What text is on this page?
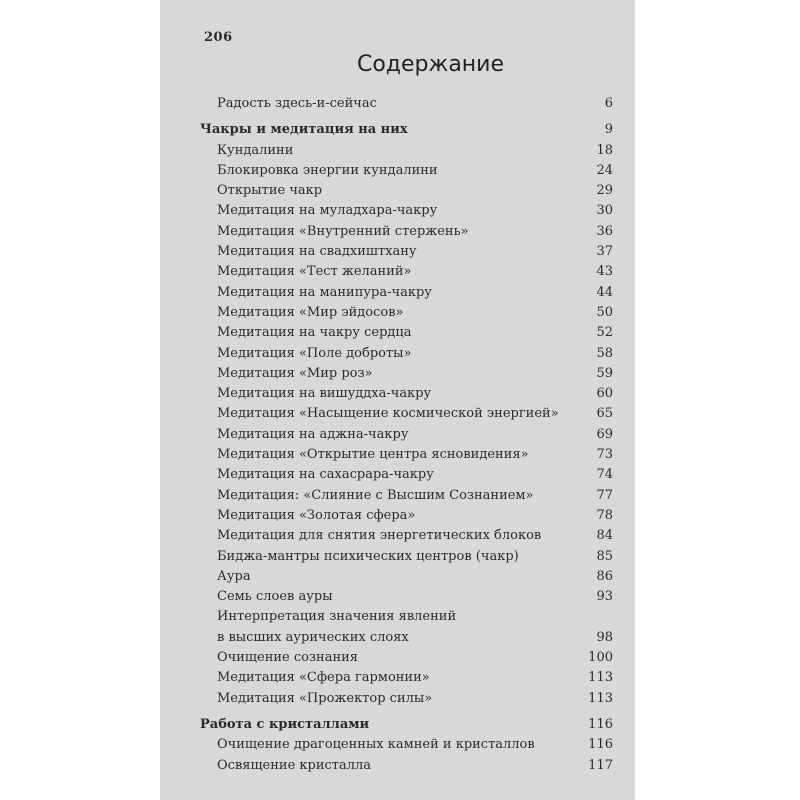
206
Содержание
Радость здесь-и-сейчас	6
Чакры и медитация на них	9
Кундалини	18
Блокировка энергии кундалини	24
Открытие чакр	29
Медитация на муладхара-чакру	30
Медитация «Внутренний стержень»	36
Медитация на свадхиштхану	37
Медитация «Тест желаний»	43
Медитация на манипура-чакру	44
Медитация «Мир эйдосов»	50
Медитация на чакру сердца	52
Медитация «Поле доброты»	58
Медитация «Мир роз»	59
Медитация на вишуддха-чакру	60
Медитация «Насыщение космической энергией»	65
Медитация на аджна-чакру	69
Медитация «Открытие центра ясновидения»	73
Медитация на сахасрара-чакру	74
Медитация: «Слияние с Высшим Сознанием»	77
Медитация «Золотая сфера»	78
Медитация для снятия энергетических блоков	84
Биджа-мантры психических центров (чакр)	85
Аура	86
Семь слоев ауры	93
Интерпретация значения явлений
в высших аурических слоях	98
Очищение сознания	100
Медитация «Сфера гармонии»	113
Медитация «Прожектор силы»	113
Работа с кристаллами	116
Очищение драгоценных камней и кристаллов	116
Освящение кристалла	117
